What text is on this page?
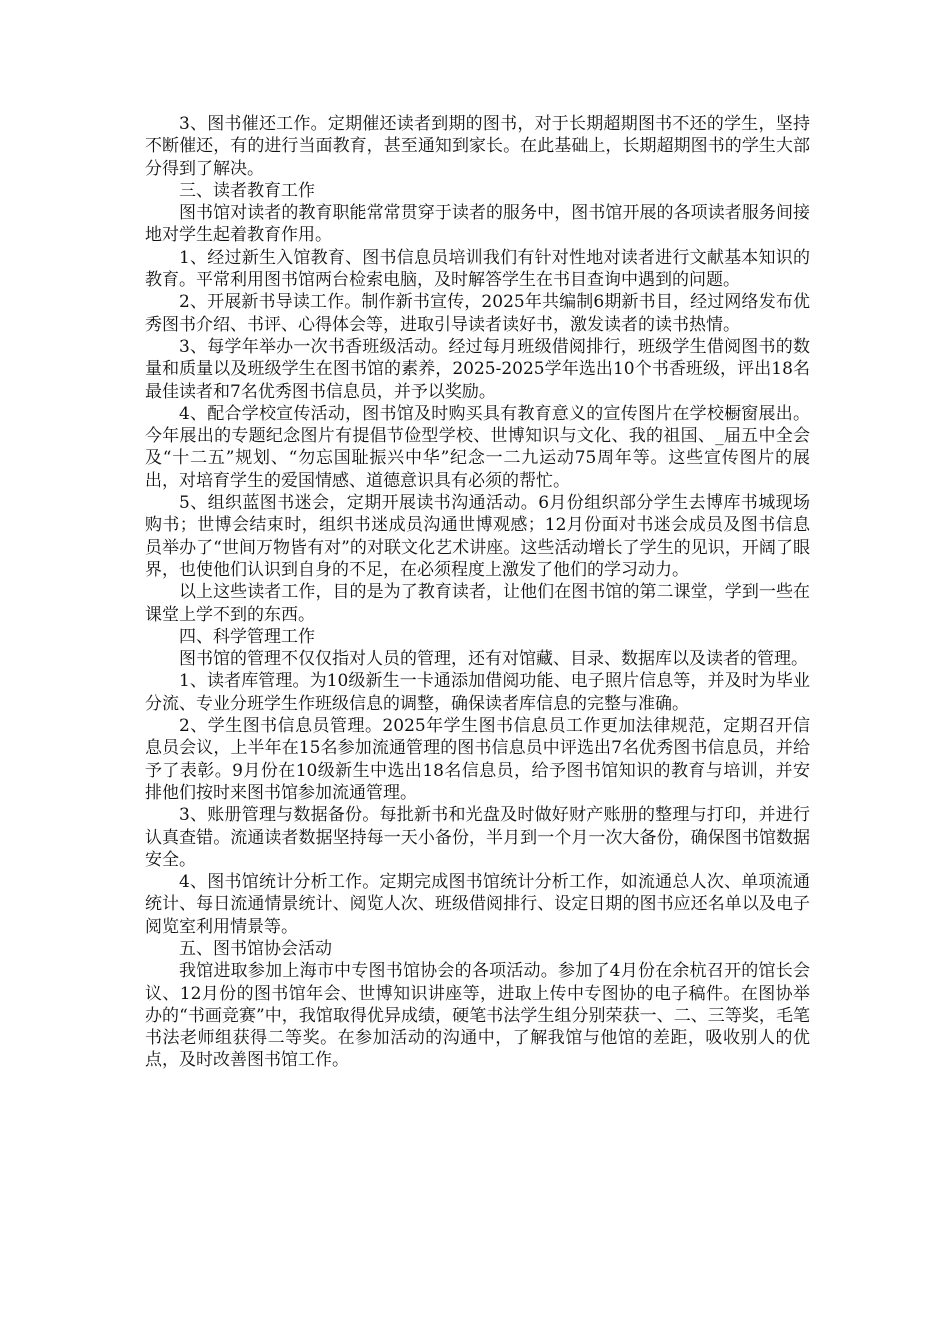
3、图书催还工作。定期催还读者到期的图书，对于长期超期图书不还的学生，坚持不断催还，有的进行当面教育，甚至通知到家长。在此基础上，长期超期图书的学生大部分得到了解决。

三、读者教育工作

图书馆对读者的教育职能常常贯穿于读者的服务中，图书馆开展的各项读者服务间接地对学生起着教育作用。

1、经过新生入馆教育、图书信息员培训我们有针对性地对读者进行文献基本知识的教育。平常利用图书馆两台检索电脑，及时解答学生在书目查询中遇到的问题。

2、开展新书导读工作。制作新书宣传，2025年共编制6期新书目，经过网络发布优秀图书介绍、书评、心得体会等，进取引导读者读好书，激发读者的读书热情。

3、每学年举办一次书香班级活动。经过每月班级借阅排行，班级学生借阅图书的数量和质量以及班级学生在图书馆的素养，2025-2025学年选出10个书香班级，评出18名最佳读者和7名优秀图书信息员，并予以奖励。

4、配合学校宣传活动，图书馆及时购买具有教育意义的宣传图片在学校橱窗展出。今年展出的专题纪念图片有提倡节俭型学校、世博知识与文化、我的祖国、_届五中全会及“十二五”规划、“勿忘国耻振兴中华”纪念一二九运动75周年等。这些宣传图片的展出，对培育学生的爱国情感、道德意识具有必须的帮忙。

5、组织蓝图书迷会，定期开展读书沟通活动。6月份组织部分学生去博库书城现场购书；世博会结束时，组织书迷成员沟通世博观感；12月份面对书迷会成员及图书信息员举办了“世间万物皆有对”的对联文化艺术讲座。这些活动增长了学生的见识，开阔了眼界，也使他们认识到自身的不足，在必须程度上激发了他们的学习动力。

以上这些读者工作，目的是为了教育读者，让他们在图书馆的第二课堂，学到一些在课堂上学不到的东西。

四、科学管理工作

图书馆的管理不仅仅指对人员的管理，还有对馆藏、目录、数据库以及读者的管理。

1、读者库管理。为10级新生一卡通添加借阅功能、电子照片信息等，并及时为毕业分流、专业分班学生作班级信息的调整，确保读者库信息的完整与准确。

2、学生图书信息员管理。2025年学生图书信息员工作更加法律规范，定期召开信息员会议，上半年在15名参加流通管理的图书信息员中评选出7名优秀图书信息员，并给予了表彰。9月份在10级新生中选出18名信息员，给予图书馆知识的教育与培训，并安排他们按时来图书馆参加流通管理。

3、账册管理与数据备份。每批新书和光盘及时做好财产账册的整理与打印，并进行认真查错。流通读者数据坚持每一天小备份，半月到一个月一次大备份，确保图书馆数据安全。

4、图书馆统计分析工作。定期完成图书馆统计分析工作，如流通总人次、单项流通统计、每日流通情景统计、阅览人次、班级借阅排行、设定日期的图书应还名单以及电子阅览室利用情景等。

五、图书馆协会活动

我馆进取参加上海市中专图书馆协会的各项活动。参加了4月份在余杭召开的馆长会议、12月份的图书馆年会、世博知识讲座等，进取上传中专图协的电子稿件。在图协举办的“书画竞赛”中，我馆取得优异成绩，硬笔书法学生组分别荣获一、二、三等奖，毛笔书法老师组获得二等奖。在参加活动的沟通中，了解我馆与他馆的差距，吸收别人的优点，及时改善图书馆工作。
